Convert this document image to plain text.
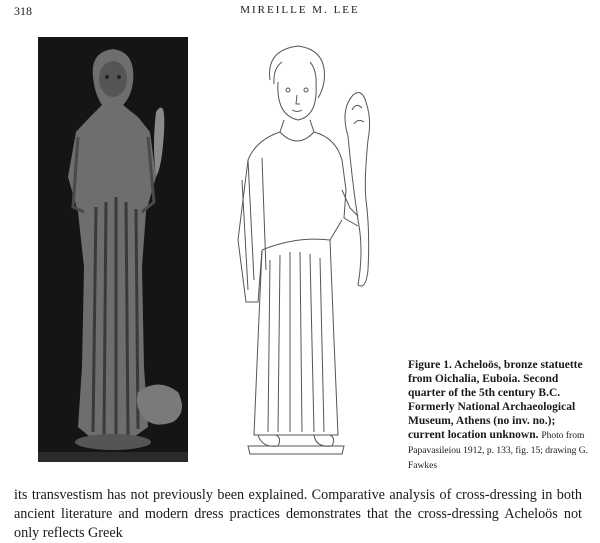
318	MIREILLE M. LEE
Figure 1. Acheloös, bronze statuette from Oichalia, Euboia. Second quarter of the 5th century B.C. Formerly National Archaeological Museum, Athens (no inv. no.); current location unknown. Photo from Papavasileiou 1912, p. 133, fig. 15; drawing G. Fawkes

its transvestism has not previously been explained. Comparative analysis of cross-dressing in both ancient literature and modern dress practices demonstrates that the cross-dressing Acheloös not only reflects Greek
